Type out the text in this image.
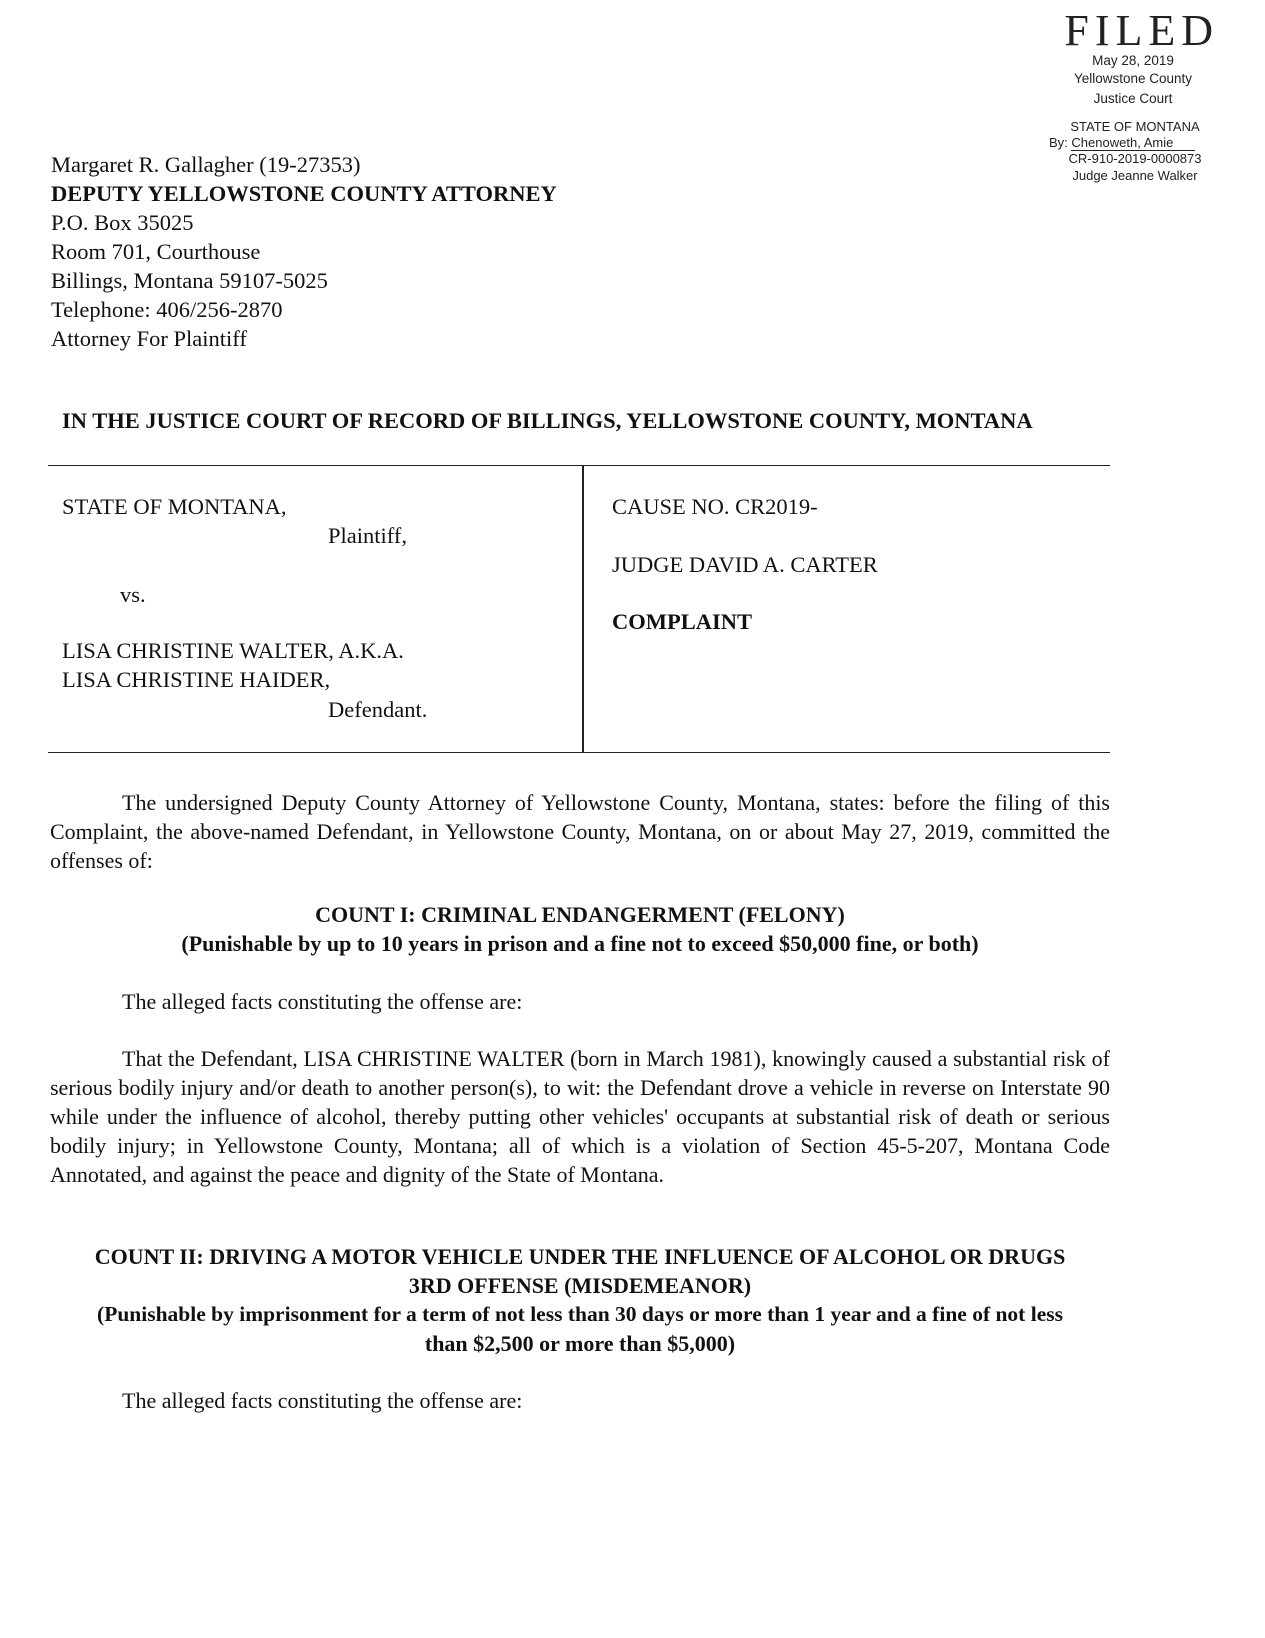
FILED
May 28, 2019
Yellowstone County
Justice Court
STATE OF MONTANA
By: Chenoweth, Amie
CR-910-2019-0000873
Judge Jeanne Walker
Margaret R. Gallagher (19-27353)
DEPUTY YELLOWSTONE COUNTY ATTORNEY
P.O. Box 35025
Room 701, Courthouse
Billings, Montana 59107-5025
Telephone: 406/256-2870
Attorney For Plaintiff
IN THE JUSTICE COURT OF RECORD OF BILLINGS, YELLOWSTONE COUNTY, MONTANA
STATE OF MONTANA,
Plaintiff,
vs.
LISA CHRISTINE WALTER, A.K.A.
LISA CHRISTINE HAIDER,
Defendant.
CAUSE NO. CR2019-
JUDGE DAVID A. CARTER
COMPLAINT
The undersigned Deputy County Attorney of Yellowstone County, Montana, states: before the filing of this Complaint, the above-named Defendant, in Yellowstone County, Montana, on or about May 27, 2019, committed the offenses of:
COUNT I: CRIMINAL ENDANGERMENT (FELONY)
(Punishable by up to 10 years in prison and a fine not to exceed $50,000 fine, or both)
The alleged facts constituting the offense are:
That the Defendant, LISA CHRISTINE WALTER (born in March 1981), knowingly caused a substantial risk of serious bodily injury and/or death to another person(s), to wit: the Defendant drove a vehicle in reverse on Interstate 90 while under the influence of alcohol, thereby putting other vehicles' occupants at substantial risk of death or serious bodily injury; in Yellowstone County, Montana; all of which is a violation of Section 45-5-207, Montana Code Annotated, and against the peace and dignity of the State of Montana.
COUNT II: DRIVING A MOTOR VEHICLE UNDER THE INFLUENCE OF ALCOHOL OR DRUGS
3RD OFFENSE (MISDEMEANOR)
(Punishable by imprisonment for a term of not less than 30 days or more than 1 year and a fine of not less
than $2,500 or more than $5,000)
The alleged facts constituting the offense are:
